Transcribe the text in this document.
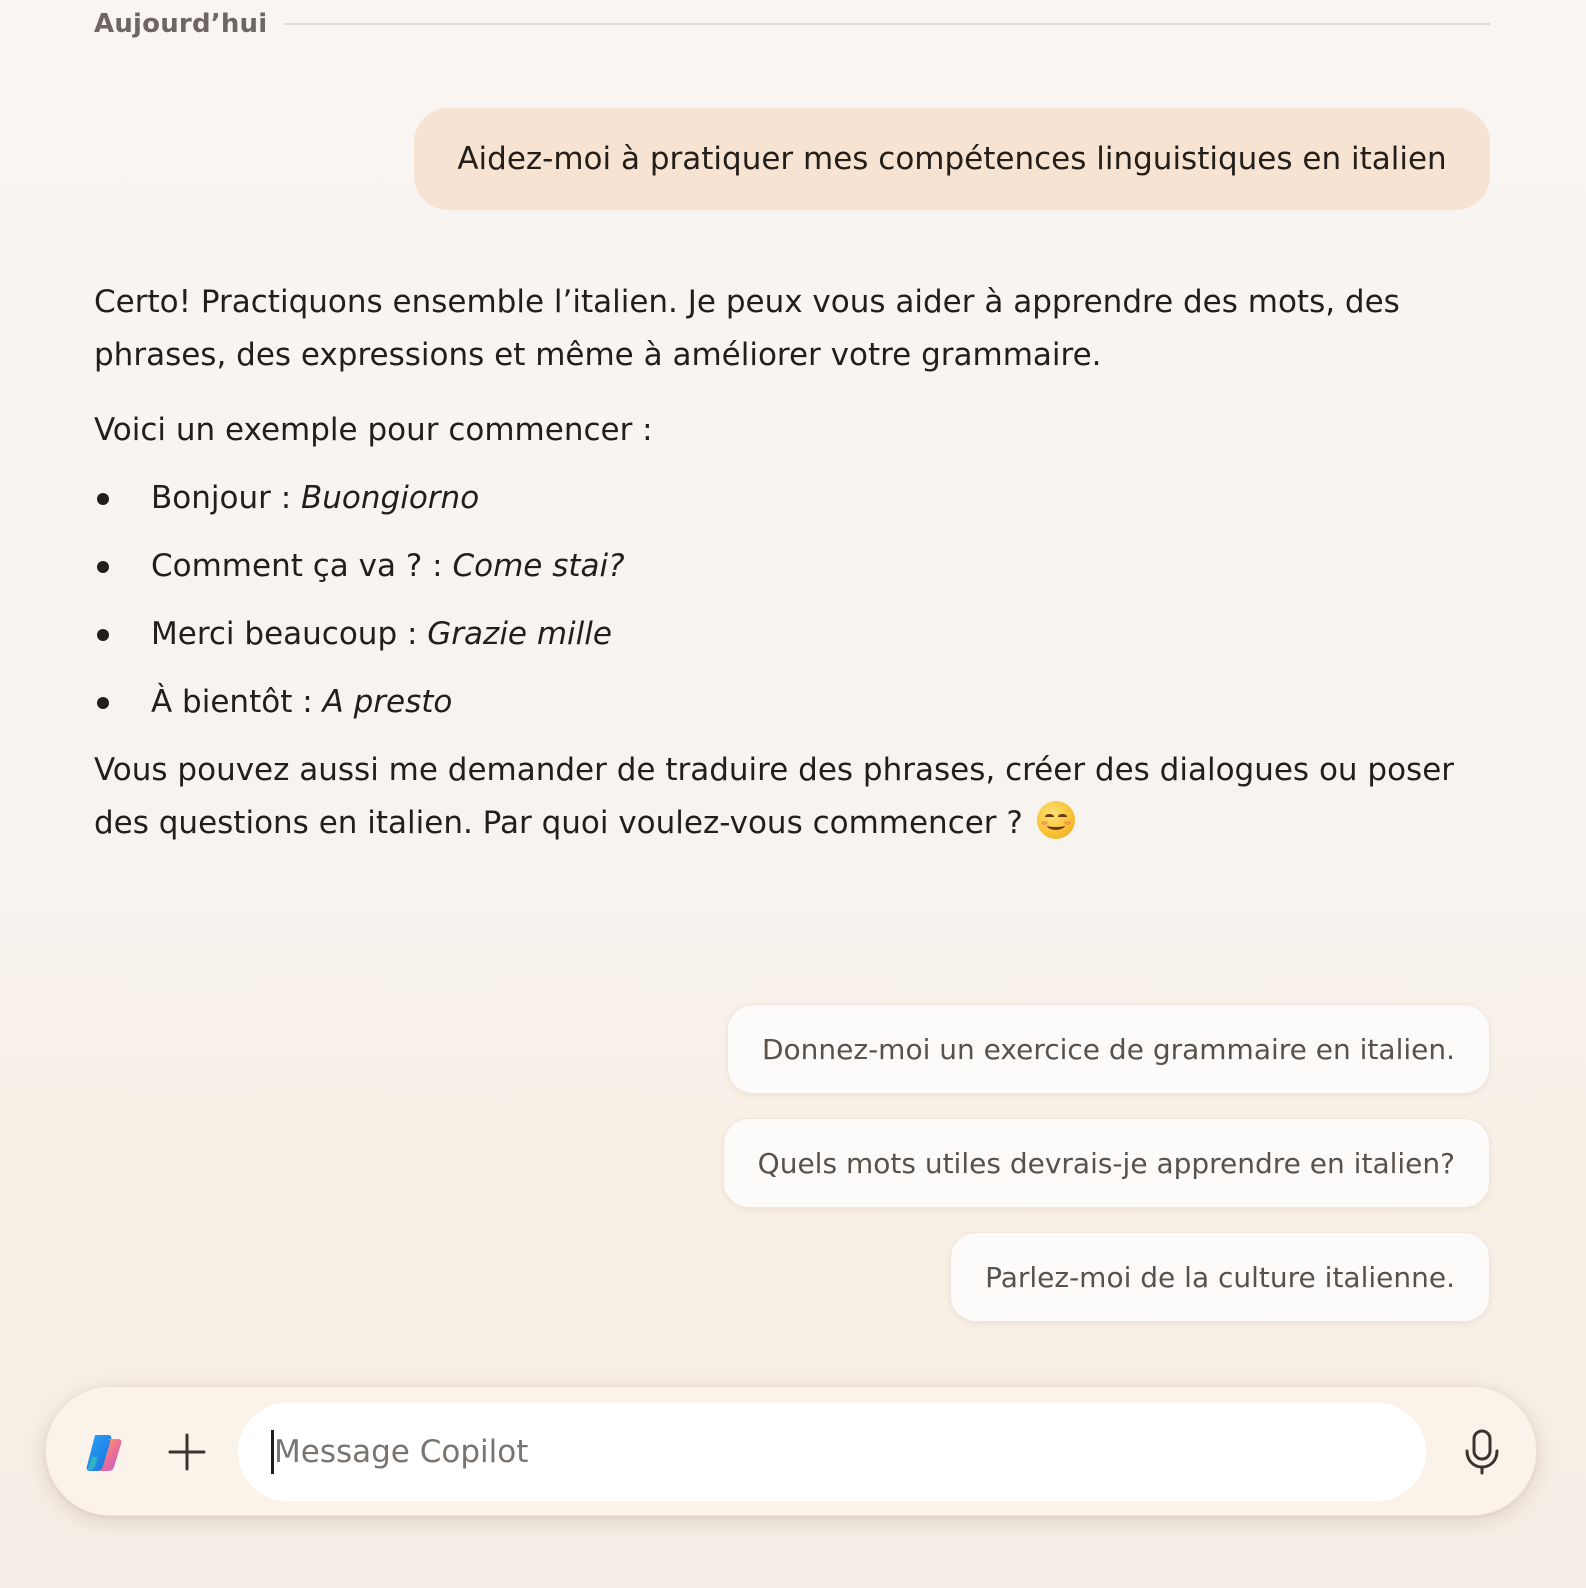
Aujourd’hui
Aidez-moi à pratiquer mes compétences linguistiques en italien

Certo! Practiquons ensemble l’italien. Je peux vous aider à apprendre des mots, des phrases, des expressions et même à améliorer votre grammaire.

Voici un exemple pour commencer :

Bonjour : Buongiorno
Comment ça va ? : Come stai?
Merci beaucoup : Grazie mille
À bientôt : A presto

Vous pouvez aussi me demander de traduire des phrases, créer des dialogues ou poser des questions en italien. Par quoi voulez-vous commencer ?

Donnez-moi un exercice de grammaire en italien.
Quels mots utiles devrais-je apprendre en italien?
Parlez-moi de la culture italienne.
Message Copilot
